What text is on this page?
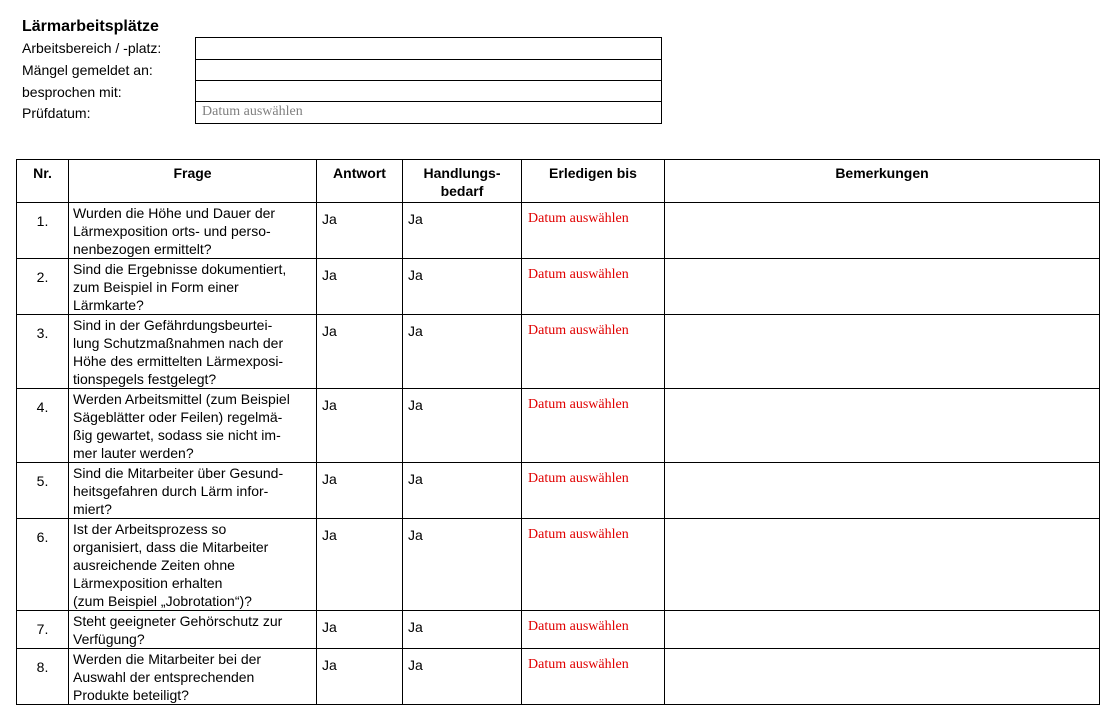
Lärmarbeitsplätze
Arbeitsbereich / -platz:
Mängel gemeldet an:
besprochen mit:
Prüfdatum:	Datum auswählen
Nr.	Frage	Antwort	Handlungs-
bedarf	Erledigen bis	Bemerkungen
1.	Wurden die Höhe und Dauer der
Lärmexposition orts- und perso-
nenbezogen ermittelt?	Ja	Ja	Datum auswählen	
2.	Sind die Ergebnisse dokumentiert,
zum Beispiel in Form einer
Lärmkarte?	Ja	Ja	Datum auswählen	
3.	Sind in der Gefährdungsbeurtei-
lung Schutzmaßnahmen nach der
Höhe des ermittelten Lärmexposi-
tionspegels festgelegt?	Ja	Ja	Datum auswählen	
4.	Werden Arbeitsmittel (zum Beispiel
Sägeblätter oder Feilen) regelmä-
ßig gewartet, sodass sie nicht im-
mer lauter werden?	Ja	Ja	Datum auswählen	
5.	Sind die Mitarbeiter über Gesund-
heitsgefahren durch Lärm infor-
miert?	Ja	Ja	Datum auswählen	
6.	Ist der Arbeitsprozess so
organisiert, dass die Mitarbeiter
ausreichende Zeiten ohne
Lärmexposition erhalten
(zum Beispiel „Jobrotation“)?	Ja	Ja	Datum auswählen	
7.	Steht geeigneter Gehörschutz zur
Verfügung?	Ja	Ja	Datum auswählen	
8.	Werden die Mitarbeiter bei der
Auswahl der entsprechenden
Produkte beteiligt?	Ja	Ja	Datum auswählen	
